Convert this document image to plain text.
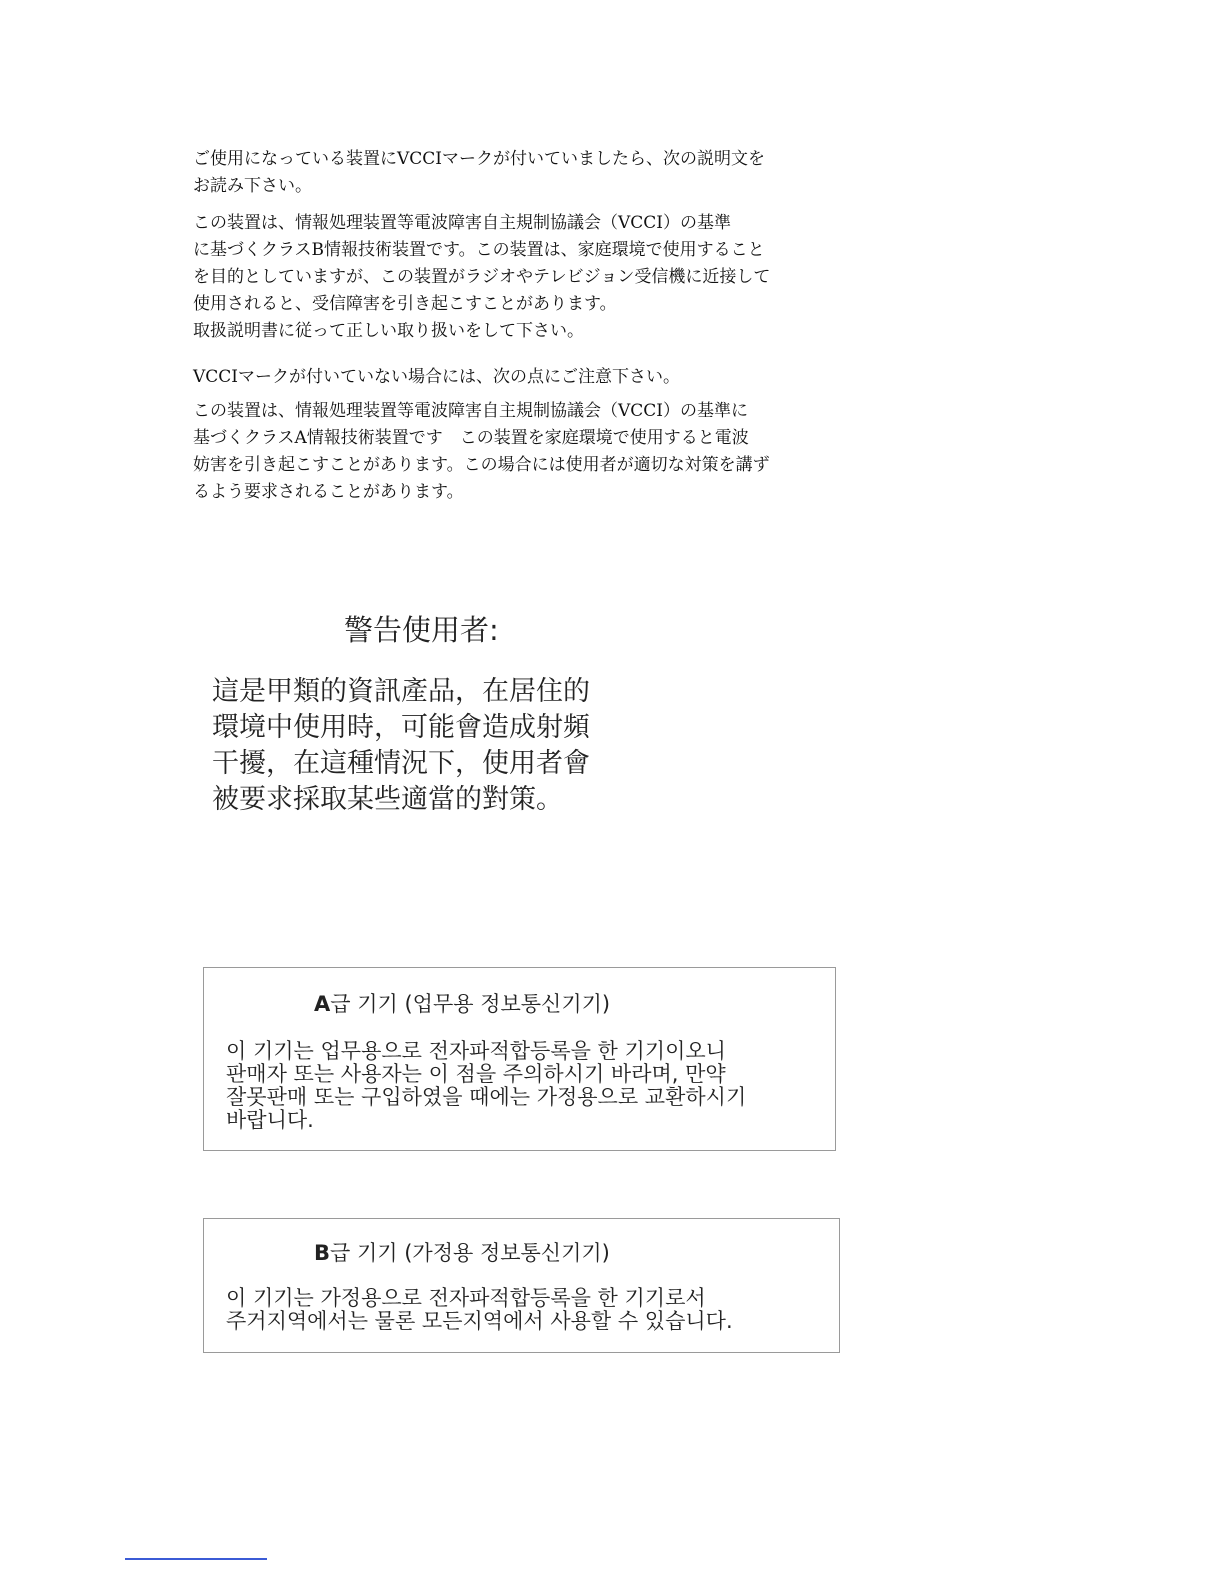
ご使用になっている装置にVCCIマークが付いていましたら、次の説明文を

お読み下さい。

この装置は、情報処理装置等電波障害自主規制協議会（VCCI）の基準

に基づくクラスB情報技術装置です。この装置は、家庭環境で使用すること

を目的としていますが、この装置がラジオやテレビジョン受信機に近接して

使用されると、受信障害を引き起こすことがあります。

取扱説明書に従って正しい取り扱いをして下さい。

VCCIマークが付いていない場合には、次の点にご注意下さい。

この装置は、情報処理装置等電波障害自主規制協議会（VCCI）の基準に

基づくクラスA情報技術装置です　この装置を家庭環境で使用すると電波

妨害を引き起こすことがあります。この場合には使用者が適切な対策を講ず

るよう要求されることがあります。

警告使用者:

這是甲類的資訊產品，在居住的

環境中使用時，可能會造成射頻

干擾，在這種情況下，使用者會

被要求採取某些適當的對策。

A급 기기 (업무용 정보통신기기)

이 기기는 업무용으로 전자파적합등록을 한 기기이오니

판매자 또는 사용자는 이 점을 주의하시기 바라며, 만약

잘못판매 또는 구입하였을 때에는 가정용으로 교환하시기

바랍니다.

B급 기기 (가정용 정보통신기기)

이 기기는 가정용으로 전자파적합등록을 한 기기로서

주거지역에서는 물론 모든지역에서 사용할 수 있습니다.
